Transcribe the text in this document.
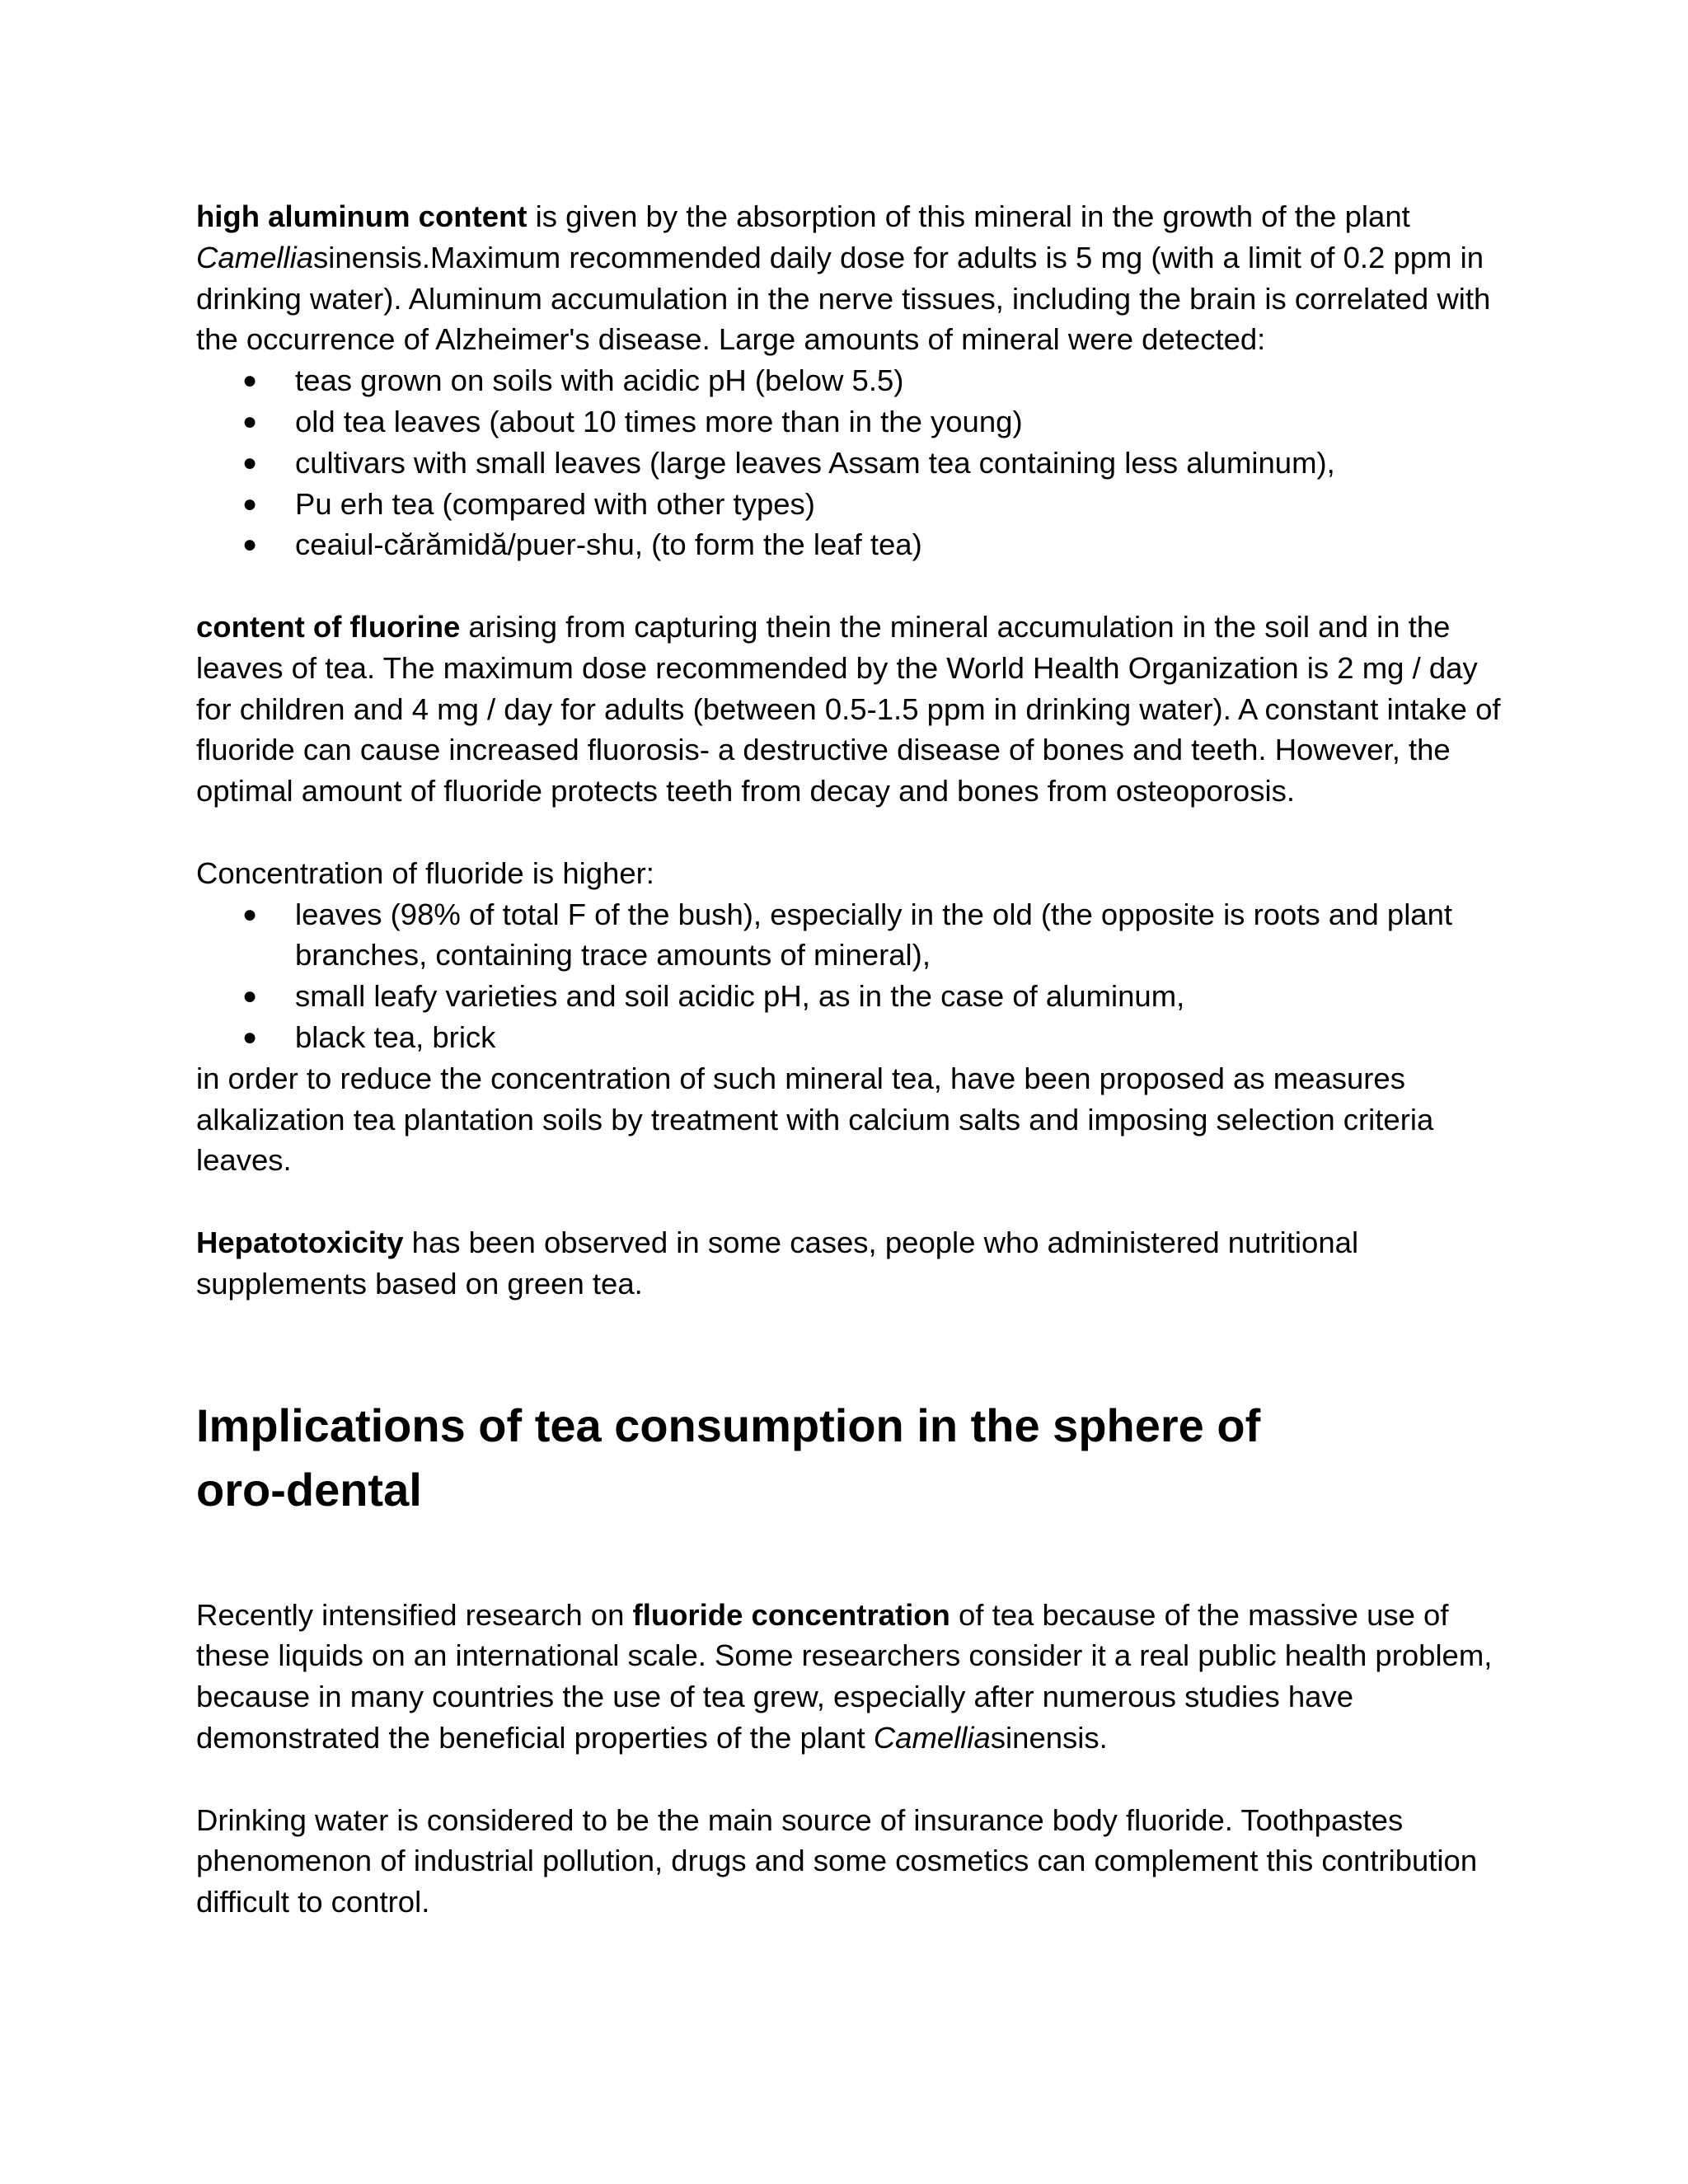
high aluminum content is given by the absorption of this mineral in the growth of the plant Camelliasinensis.Maximum recommended daily dose for adults is 5 mg (with a limit of 0.2 ppm in drinking water). Aluminum accumulation in the nerve tissues, including the brain is correlated with the occurrence of Alzheimer's disease. Large amounts of mineral were detected:

● teas grown on soils with acidic pH (below 5.5)
● old tea leaves (about 10 times more than in the young)
● cultivars with small leaves (large leaves Assam tea containing less aluminum),
● Pu erh tea (compared with other types)
● ceaiul-cărămidă/puer-shu, (to form the leaf tea)

content of fluorine arising from capturing thein the mineral accumulation in the soil and in the leaves of tea. The maximum dose recommended by the World Health Organization is 2 mg / day for children and 4 mg / day for adults (between 0.5-1.5 ppm in drinking water). A constant intake of fluoride can cause increased fluorosis- a destructive disease of bones and teeth. However, the optimal amount of fluoride protects teeth from decay and bones from osteoporosis.

Concentration of fluoride is higher:

● leaves (98% of total F of the bush), especially in the old (the opposite is roots and plant branches, containing trace amounts of mineral),
● small leafy varieties and soil acidic pH, as in the case of aluminum,
● black tea, brick

in order to reduce the concentration of such mineral tea, have been proposed as measures alkalization tea plantation soils by treatment with calcium salts and imposing selection criteria leaves.

Hepatotoxicity has been observed in some cases, people who administered nutritional supplements based on green tea.

Implications of tea consumption in the sphere of oro-dental

Recently intensified research on fluoride concentration of tea because of the massive use of these liquids on an international scale. Some researchers consider it a real public health problem, because in many countries the use of tea grew, especially after numerous studies have demonstrated the beneficial properties of the plant Camelliasinensis.

Drinking water is considered to be the main source of insurance body fluoride. Toothpastes phenomenon of industrial pollution, drugs and some cosmetics can complement this contribution difficult to control.
